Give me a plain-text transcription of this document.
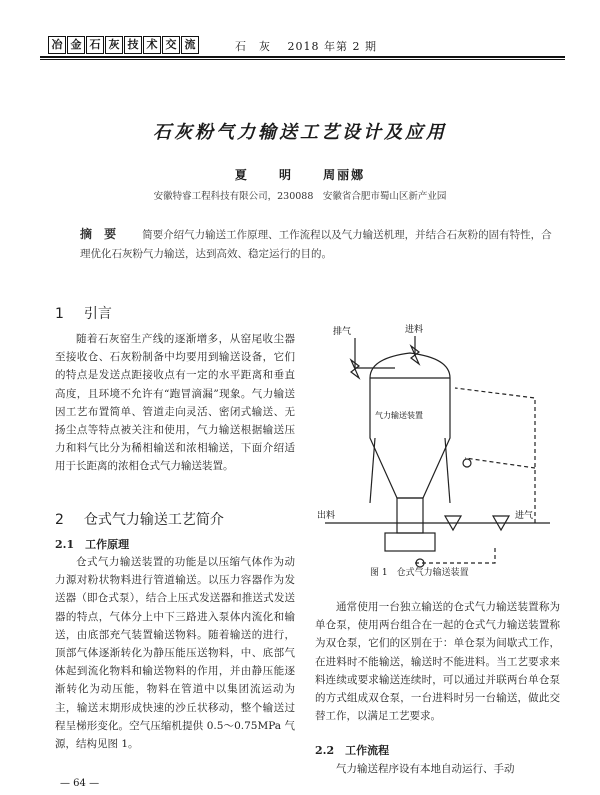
冶 金 石 灰 技 术 交 流	石　灰　 2018 年第 2 期
石灰粉气力输送工艺设计及应用
夏 明 周丽娜
安徽特睿工程科技有限公司，230088　安徽省合肥市蜀山区新产业园
摘 要 简要介绍气力输送工作原理、工作流程以及气力输送机理，并结合石灰粉的固有特性，合理优化石灰粉气力输送，达到高效、稳定运行的目的。
1 引言
随着石灰窑生产线的逐渐增多，从窑尾收尘器至接收仓、石灰粉制备中均要用到输送设备，它们的特点是发送点距接收点有一定的水平距离和垂直高度，且环境不允许有“跑冒滴漏”现象。气力输送因工艺布置简单、管道走向灵活、密闭式输送、无扬尘点等特点被关注和使用，气力输送根据输送压力和料气比分为稀相输送和浓相输送，下面介绍适用于长距离的浓相仓式气力输送装置。
2 仓式气力输送工艺简介
2.1　工作原理
仓式气力输送装置的功能是以压缩气体作为动力源对粉状物料进行管道输送。以压力容器作为发送器（即仓式泵），结合上压式发送器和推送式发送器的特点，气体分上中下三路进入泵体内流化和输送，由底部充气装置输送物料。随着输送的进行，顶部气体逐渐转化为静压能压送物料，中、底部气体起到流化物料和输送物料的作用，并由静压能逐渐转化为动压能，物料在管道中以集团流运动为主，输送末期形成快速的沙丘状移动，整个输送过程呈梯形变化。空气压缩机提供 0.5～0.75MPa 气源，结构见图 1。
排气	进料
气力输送装置
出料	进气
图 1　仓式气力输送装置
通常使用一台独立输送的仓式气力输送装置称为单仓泵，使用两台组合在一起的仓式气力输送装置称为双仓泵，它们的区别在于：单仓泵为间歇式工作，在进料时不能输送，输送时不能进料。当工艺要求来料连续或要求输送连续时，可以通过并联两台单仓泵的方式组成双仓泵，一台进料时另一台输送，做此交替工作，以满足工艺要求。
2.2　工作流程
气力输送程序设有本地自动运行、手动
— 64 —
